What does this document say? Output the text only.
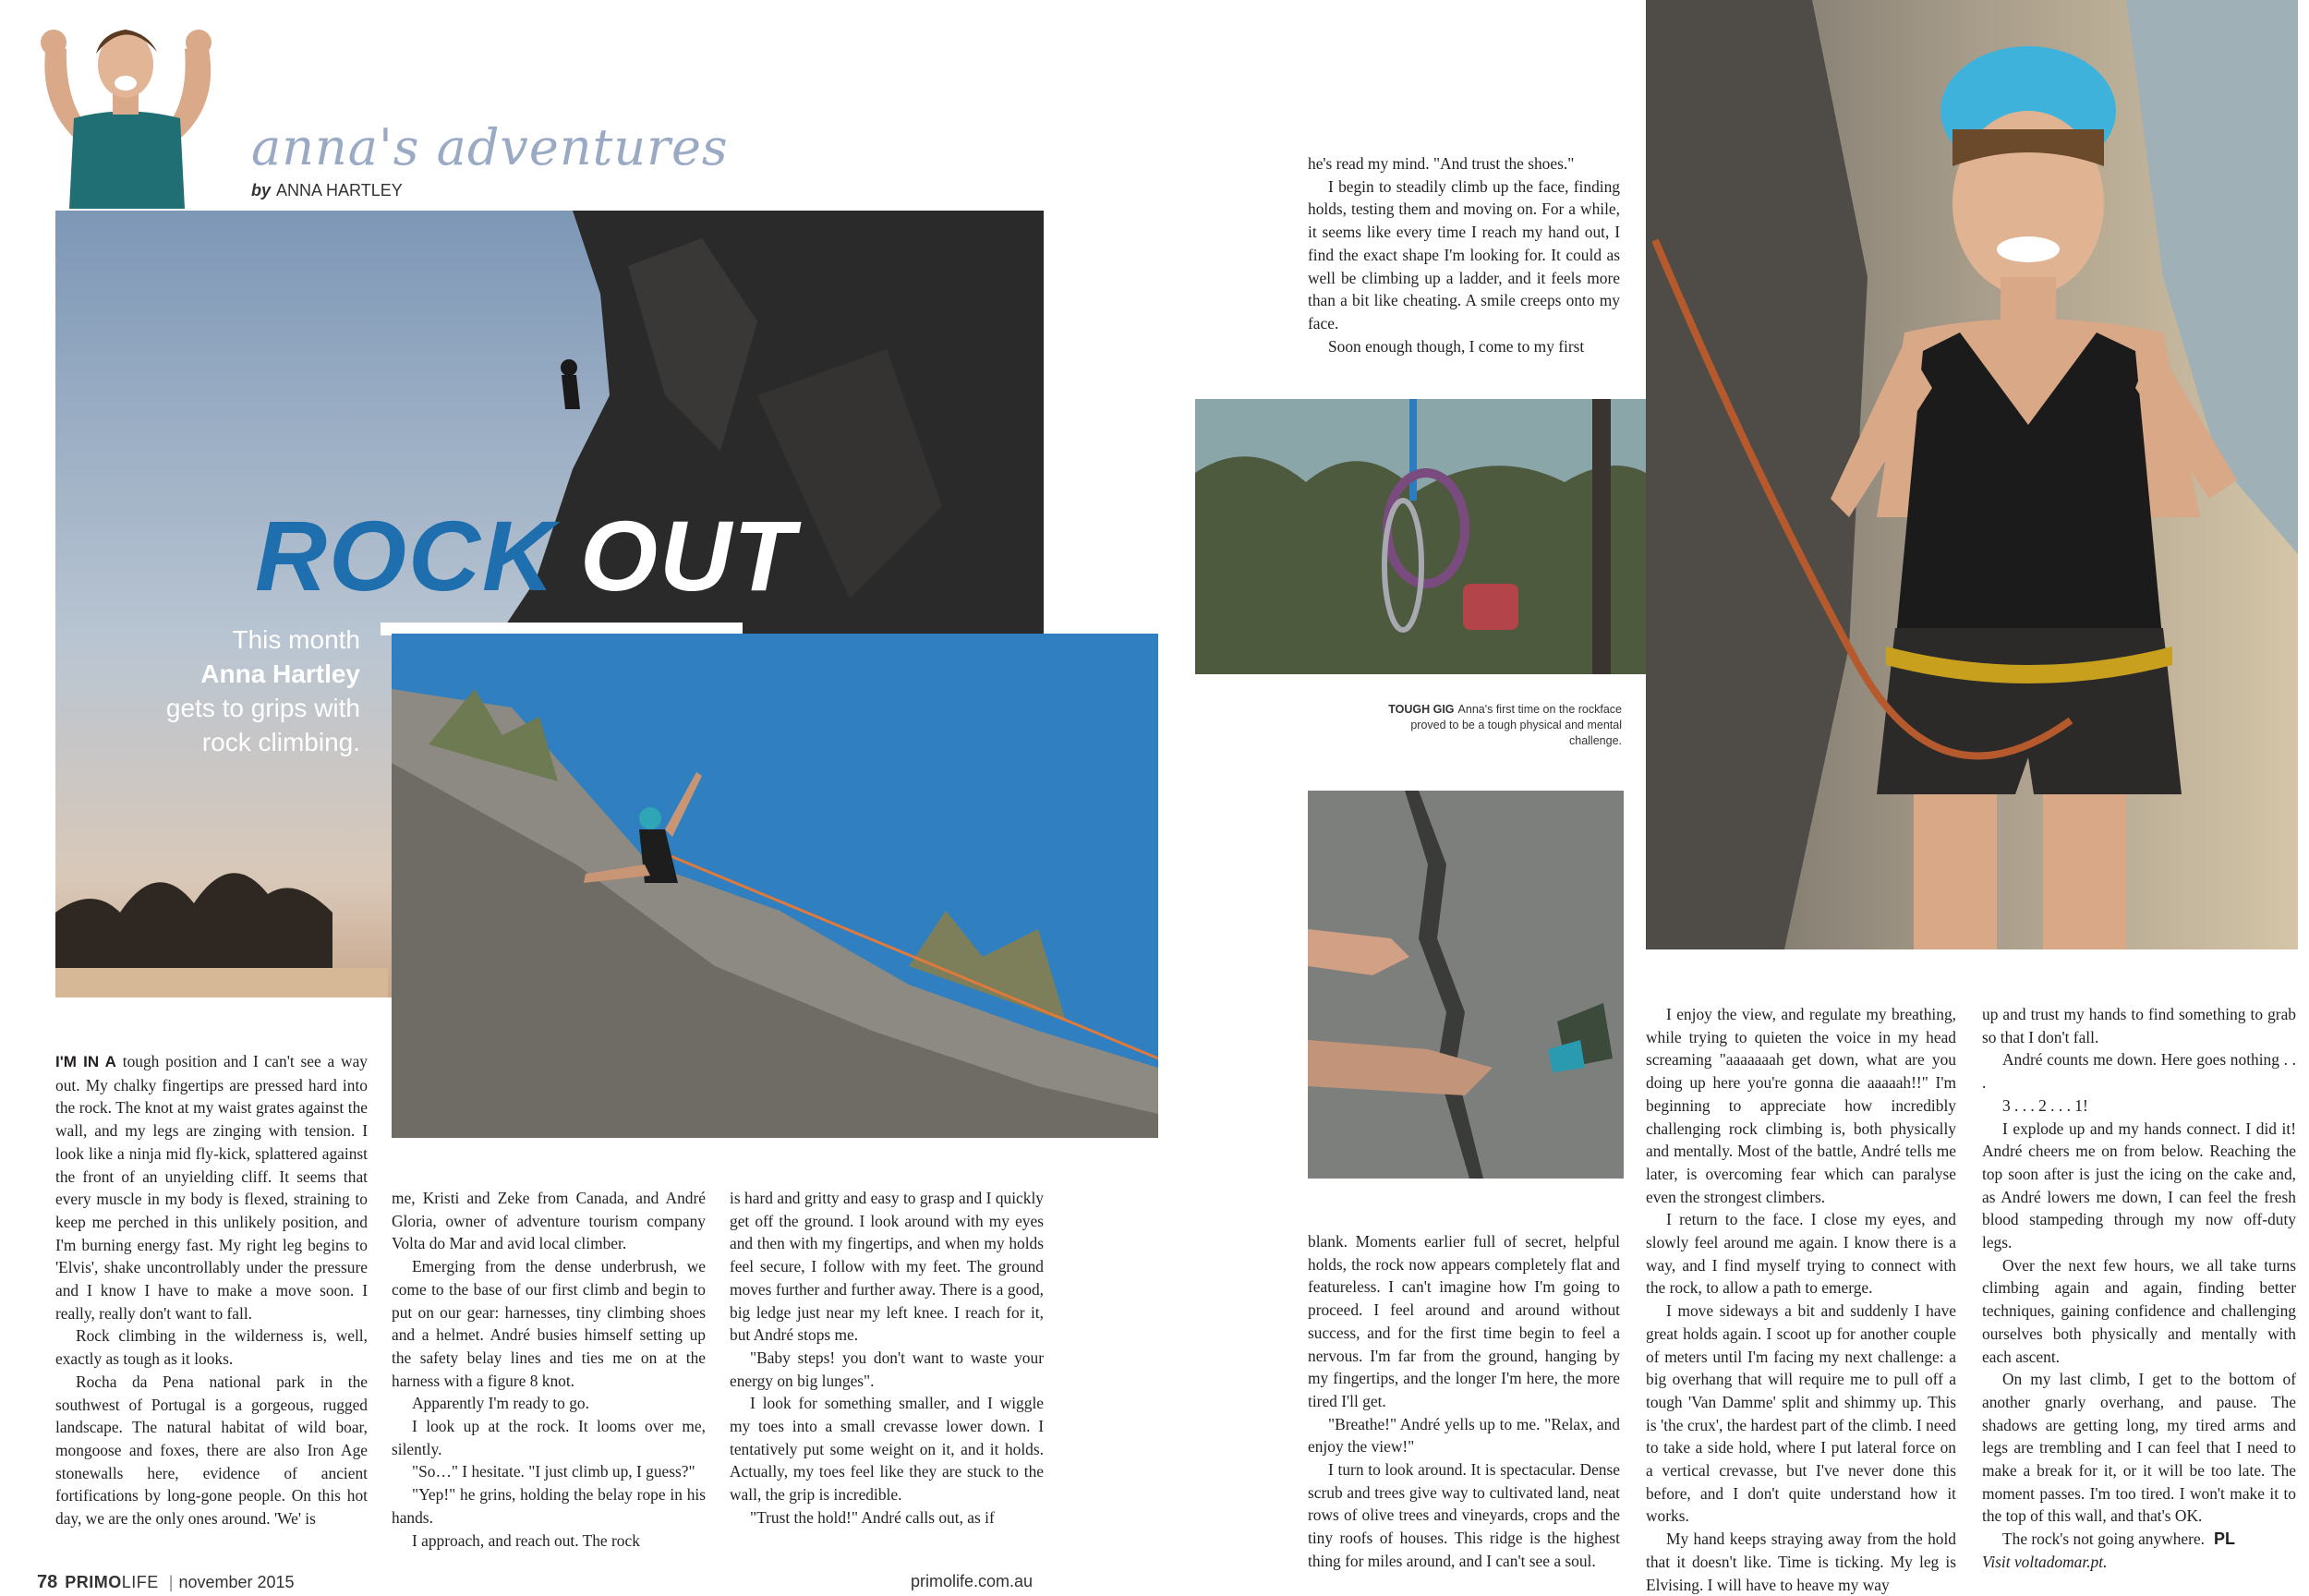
anna's adventures
by ANNA HARTLEY
ROCK OUT
This month
Anna Hartley
gets to grips with
rock climbing.
TOUGH GIG Anna's first time on the rockface proved to be a tough physical and mental challenge.

I'M IN A tough position and I can't see a way out. My chalky fingertips are pressed hard into the rock. The knot at my waist grates against the wall, and my legs are zinging with tension. I look like a ninja mid fly-kick, splattered against the front of an unyielding cliff. It seems that every muscle in my body is flexed, straining to keep me perched in this unlikely position, and I'm burning energy fast. My right leg begins to 'Elvis', shake uncontrollably under the pressure and I know I have to make a move soon. I really, really don't want to fall.

Rock climbing in the wilderness is, well, exactly as tough as it looks.

Rocha da Pena national park in the southwest of Portugal is a gorgeous, rugged landscape. The natural habitat of wild boar, mongoose and foxes, there are also Iron Age stonewalls here, evidence of ancient fortifications by long-gone people. On this hot day, we are the only ones around. 'We' is

me, Kristi and Zeke from Canada, and André Gloria, owner of adventure tourism company Volta do Mar and avid local climber.

Emerging from the dense underbrush, we come to the base of our first climb and begin to put on our gear: harnesses, tiny climbing shoes and a helmet. André busies himself setting up the safety belay lines and ties me on at the harness with a figure 8 knot.

Apparently I'm ready to go.

I look up at the rock. It looms over me, silently.

"So…" I hesitate. "I just climb up, I guess?"

"Yep!" he grins, holding the belay rope in his hands.

I approach, and reach out. The rock

is hard and gritty and easy to grasp and I quickly get off the ground. I look around with my eyes and then with my fingertips, and when my holds feel secure, I follow with my feet. The ground moves further and further away. There is a good, big ledge just near my left knee. I reach for it, but André stops me.

"Baby steps! you don't want to waste your energy on big lunges".

I look for something smaller, and I wiggle my toes into a small crevasse lower down. I tentatively put some weight on it, and it holds. Actually, my toes feel like they are stuck to the wall, the grip is incredible.

"Trust the hold!" André calls out, as if

he's read my mind. "And trust the shoes."

I begin to steadily climb up the face, finding holds, testing them and moving on. For a while, it seems like every time I reach my hand out, I find the exact shape I'm looking for. It could as well be climbing up a ladder, and it feels more than a bit like cheating. A smile creeps onto my face.

Soon enough though, I come to my first

blank. Moments earlier full of secret, helpful holds, the rock now appears completely flat and featureless. I can't imagine how I'm going to proceed. I feel around and around without success, and for the first time begin to feel a nervous. I'm far from the ground, hanging by my fingertips, and the longer I'm here, the more tired I'll get.

"Breathe!" André yells up to me. "Relax, and enjoy the view!"

I turn to look around. It is spectacular. Dense scrub and trees give way to cultivated land, neat rows of olive trees and vineyards, crops and the tiny roofs of houses. This ridge is the highest thing for miles around, and I can't see a soul.

I enjoy the view, and regulate my breathing, while trying to quieten the voice in my head screaming "aaaaaaah get down, what are you doing up here you're gonna die aaaaah!!" I'm beginning to appreciate how incredibly challenging rock climbing is, both physically and mentally. Most of the battle, André tells me later, is overcoming fear which can paralyse even the strongest climbers.

I return to the face. I close my eyes, and slowly feel around me again. I know there is a way, and I find myself trying to connect with the rock, to allow a path to emerge.

I move sideways a bit and suddenly I have great holds again. I scoot up for another couple of meters until I'm facing my next challenge: a big overhang that will require me to pull off a tough 'Van Damme' split and shimmy up. This is 'the crux', the hardest part of the climb. I need to take a side hold, where I put lateral force on a vertical crevasse, but I've never done this before, and I don't quite understand how it works.

My hand keeps straying away from the hold that it doesn't like. Time is ticking. My leg is Elvising. I will have to heave my way

up and trust my hands to find something to grab so that I don't fall.

André counts me down. Here goes nothing . . .

3 . . . 2 . . . 1!

I explode up and my hands connect. I did it! André cheers me on from below. Reaching the top soon after is just the icing on the cake and, as André lowers me down, I can feel the fresh blood stampeding through my now off-duty legs.

Over the next few hours, we all take turns climbing again and again, finding better techniques, gaining confidence and challenging ourselves both physically and mentally with each ascent.

On my last climb, I get to the bottom of another gnarly overhang, and pause. The shadows are getting long, my tired arms and legs are trembling and I can feel that I need to make a break for it, or it will be too late. The moment passes. I'm too tired. I won't make it to the top of this wall, and that's OK.

The rock's not going anywhere. PL

Visit voltadomar.pt.

78 PRIMOLIFE | november 2015	primolife.com.au
